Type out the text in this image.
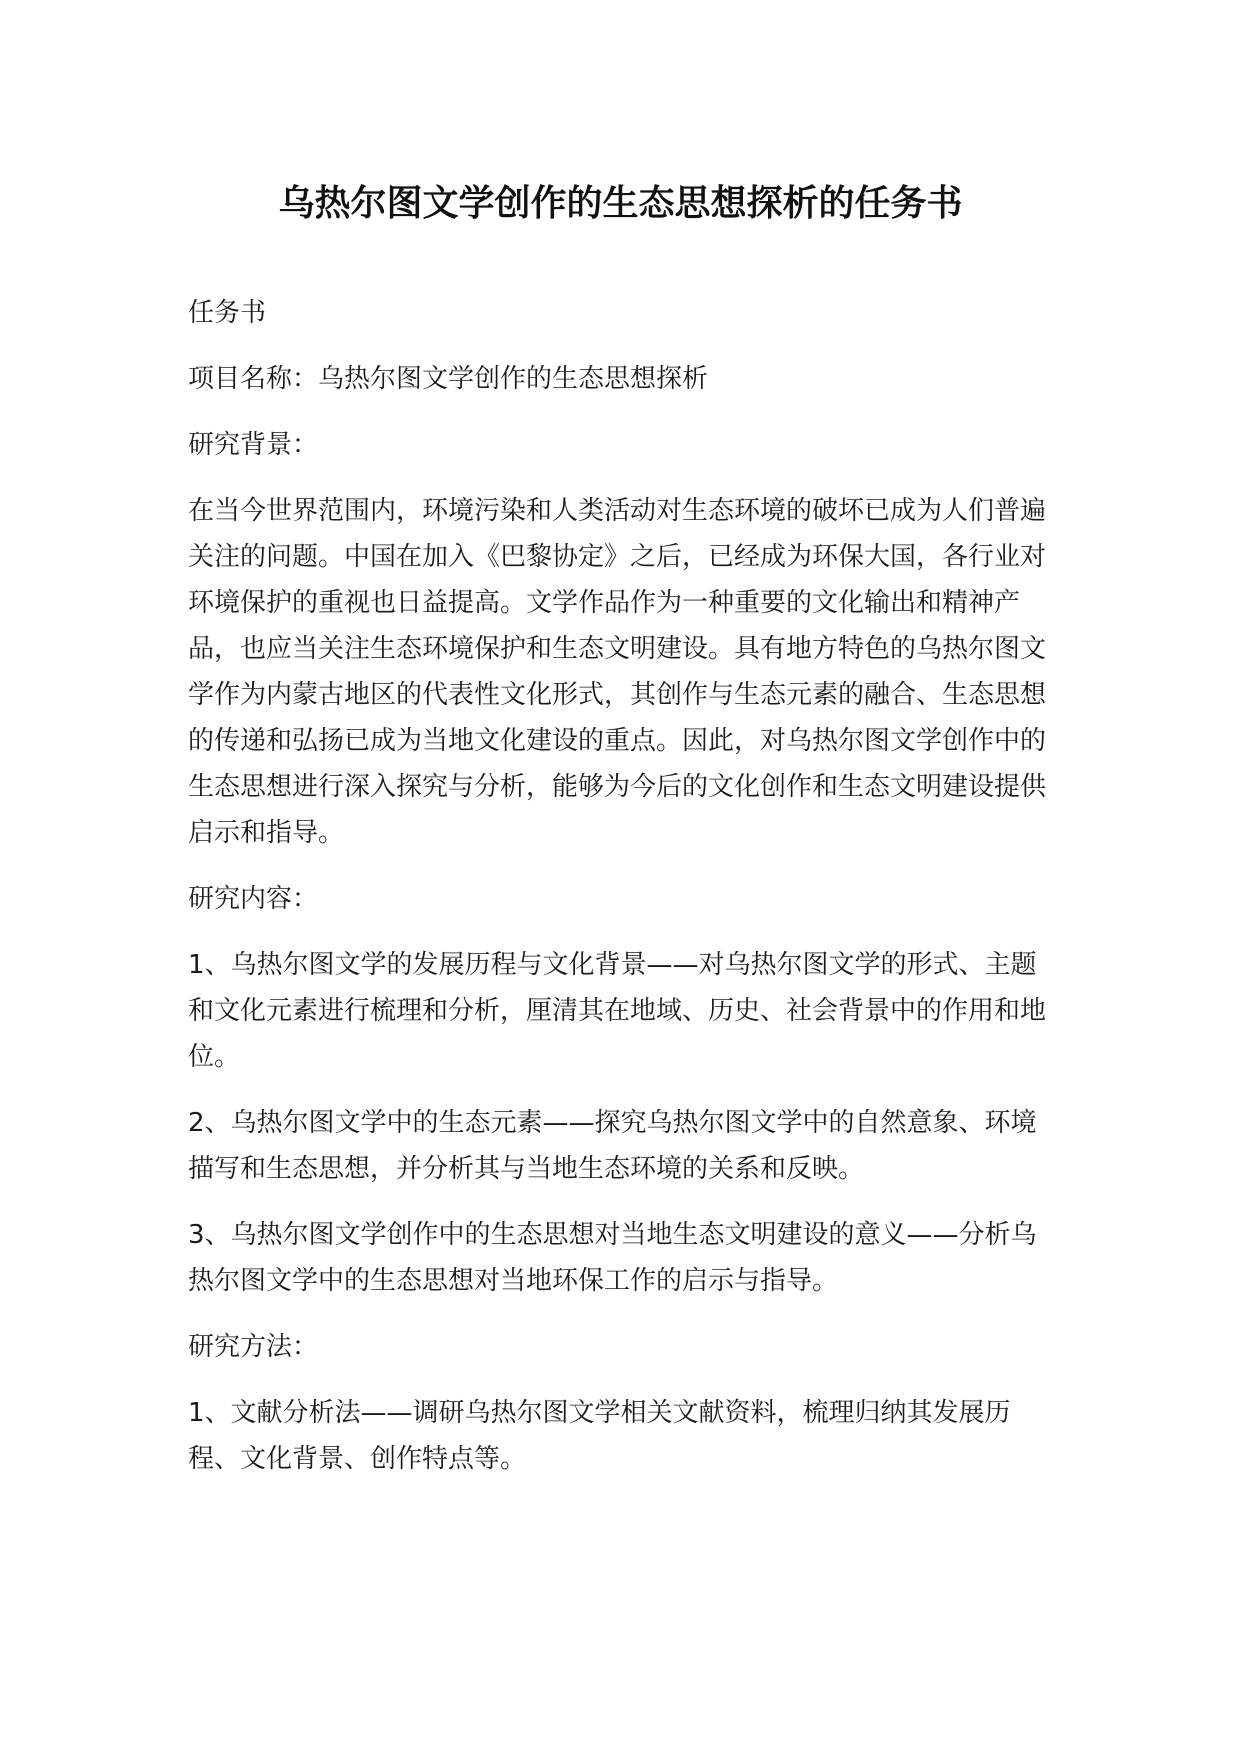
乌热尔图文学创作的生态思想探析的任务书

任务书

项目名称：乌热尔图文学创作的生态思想探析

研究背景：

在当今世界范围内，环境污染和人类活动对生态环境的破坏已成为人们普遍关注的问题。中国在加入《巴黎协定》之后，已经成为环保大国，各行业对环境保护的重视也日益提高。文学作品作为一种重要的文化输出和精神产品，也应当关注生态环境保护和生态文明建设。具有地方特色的乌热尔图文学作为内蒙古地区的代表性文化形式，其创作与生态元素的融合、生态思想的传递和弘扬已成为当地文化建设的重点。因此，对乌热尔图文学创作中的生态思想进行深入探究与分析，能够为今后的文化创作和生态文明建设提供启示和指导。

研究内容：

1、乌热尔图文学的发展历程与文化背景——对乌热尔图文学的形式、主题和文化元素进行梳理和分析，厘清其在地域、历史、社会背景中的作用和地位。

2、乌热尔图文学中的生态元素——探究乌热尔图文学中的自然意象、环境描写和生态思想，并分析其与当地生态环境的关系和反映。

3、乌热尔图文学创作中的生态思想对当地生态文明建设的意义——分析乌热尔图文学中的生态思想对当地环保工作的启示与指导。

研究方法：

1、文献分析法——调研乌热尔图文学相关文献资料，梳理归纳其发展历程、文化背景、创作特点等。
